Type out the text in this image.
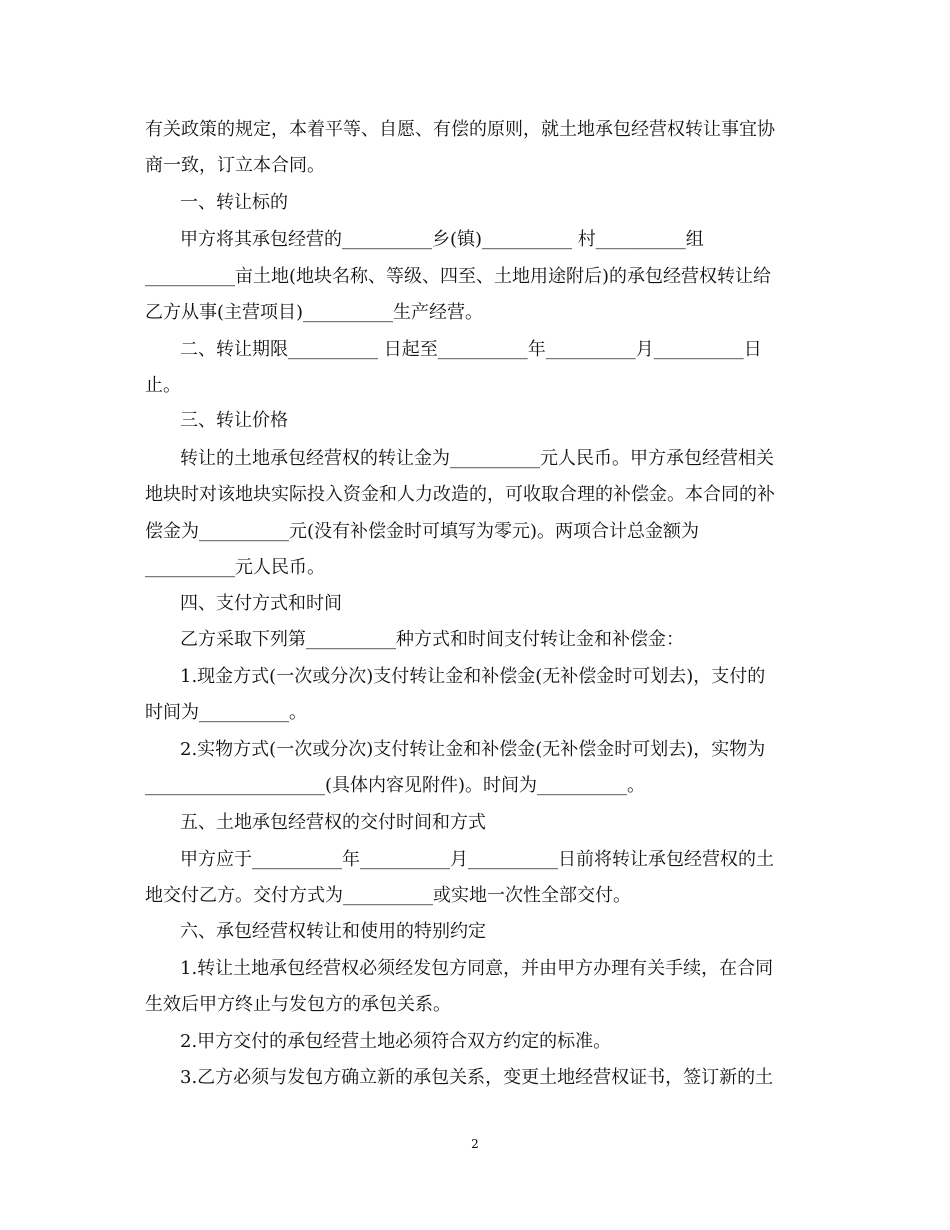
有关政策的规定，本着平等、自愿、有偿的原则，就土地承包经营权转让事宜协
商一致，订立本合同。
一、转让标的
甲方将其承包经营的__________乡(镇)__________ 村__________组
__________亩土地(地块名称、等级、四至、土地用途附后)的承包经营权转让给
乙方从事(主营项目)__________生产经营。
二、转让期限__________ 日起至__________年__________月__________日
止。
三、转让价格
转让的土地承包经营权的转让金为__________元人民币。甲方承包经营相关
地块时对该地块实际投入资金和人力改造的，可收取合理的补偿金。本合同的补
偿金为__________元(没有补偿金时可填写为零元)。两项合计总金额为
__________元人民币。
四、支付方式和时间
乙方采取下列第__________种方式和时间支付转让金和补偿金：
1.现金方式(一次或分次)支付转让金和补偿金(无补偿金时可划去)，支付的
时间为__________。
2.实物方式(一次或分次)支付转让金和补偿金(无补偿金时可划去)，实物为
____________________(具体内容见附件)。时间为__________。
五、土地承包经营权的交付时间和方式
甲方应于__________年__________月__________日前将转让承包经营权的土
地交付乙方。交付方式为__________或实地一次性全部交付。
六、承包经营权转让和使用的特别约定
1.转让土地承包经营权必须经发包方同意，并由甲方办理有关手续，在合同
生效后甲方终止与发包方的承包关系。
2.甲方交付的承包经营土地必须符合双方约定的标准。
3.乙方必须与发包方确立新的承包关系，变更土地经营权证书，签订新的土
2
